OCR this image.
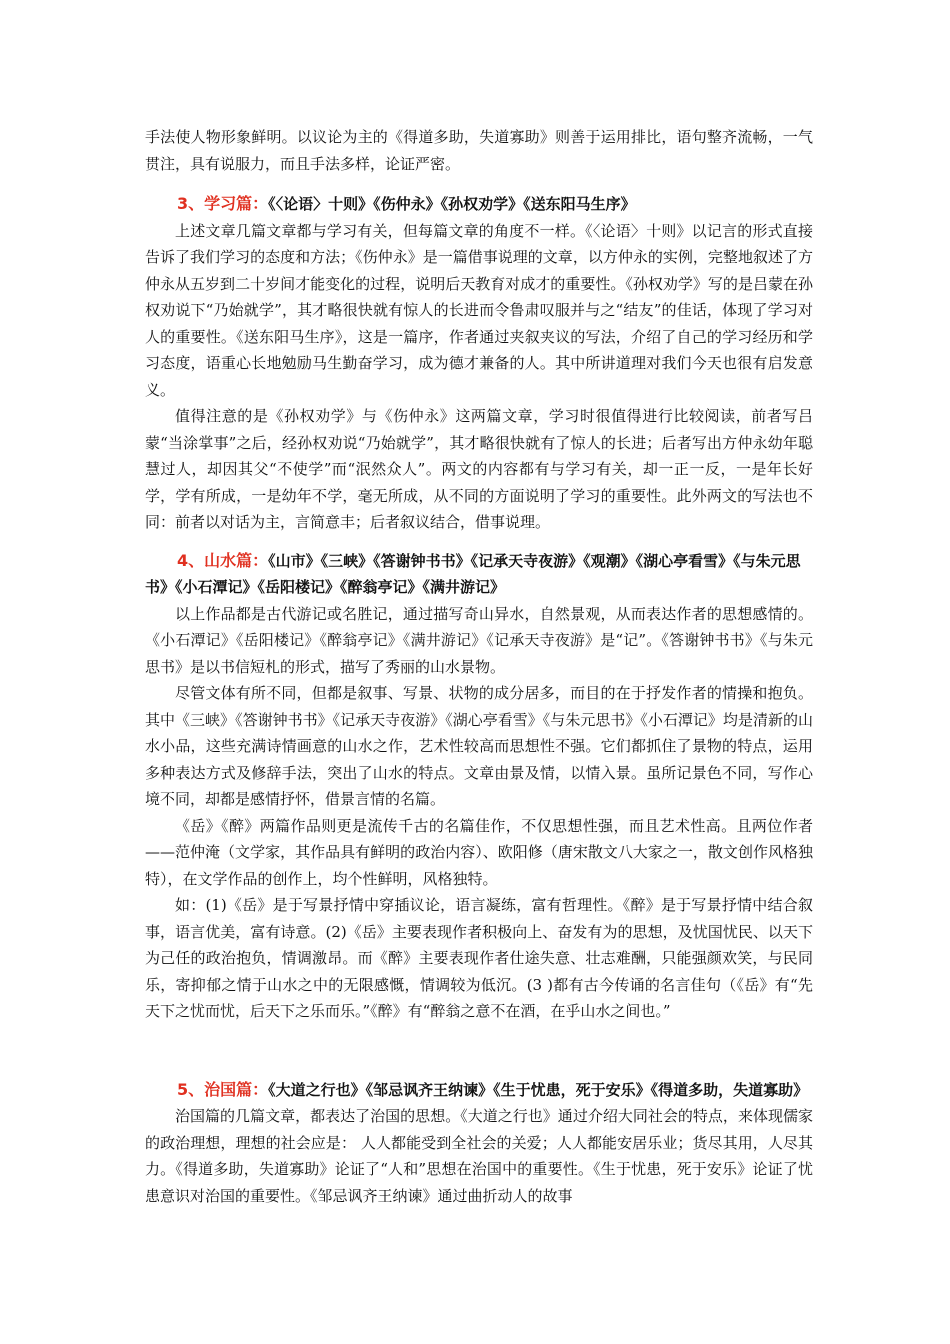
手法使人物形象鲜明。以议论为主的《得道多助，失道寡助》则善于运用排比，语句整齐流畅，一气贯注，具有说服力，而且手法多样，论证严密。

3、学习篇：《〈论语〉十则》《伤仲永》《孙权劝学》《送东阳马生序》

上述文章几篇文章都与学习有关，但每篇文章的角度不一样。《〈论语〉十则》以记言的形式直接告诉了我们学习的态度和方法；《伤仲永》是一篇借事说理的文章，以方仲永的实例，完整地叙述了方仲永从五岁到二十岁间才能变化的过程，说明后天教育对成才的重要性。《孙权劝学》写的是吕蒙在孙权劝说下“乃始就学”，其才略很快就有惊人的长进而令鲁肃叹服并与之“结友”的佳话，体现了学习对人的重要性。《送东阳马生序》，这是一篇序，作者通过夹叙夹议的写法，介绍了自己的学习经历和学习态度，语重心长地勉励马生勤奋学习，成为德才兼备的人。其中所讲道理对我们今天也很有启发意义。

值得注意的是《孙权劝学》与《伤仲永》这两篇文章，学习时很值得进行比较阅读，前者写吕蒙“当涂掌事”之后，经孙权劝说“乃始就学”，其才略很快就有了惊人的长进；后者写出方仲永幼年聪慧过人，却因其父“不使学”而“泯然众人”。两文的内容都有与学习有关，却一正一反，一是年长好学，学有所成，一是幼年不学，毫无所成，从不同的方面说明了学习的重要性。此外两文的写法也不同：前者以对话为主，言简意丰；后者叙议结合，借事说理。

4、山水篇：《山市》《三峡》《答谢钟书书》《记承天寺夜游》《观潮》《湖心亭看雪》《与朱元思书》《小石潭记》《岳阳楼记》《醉翁亭记》《满井游记》

以上作品都是古代游记或名胜记，通过描写奇山异水，自然景观，从而表达作者的思想感情的。《小石潭记》《岳阳楼记》《醉翁亭记》《满井游记》《记承天寺夜游》是“记”。《答谢钟书书》《与朱元思书》是以书信短札的形式，描写了秀丽的山水景物。

尽管文体有所不同，但都是叙事、写景、状物的成分居多，而目的在于抒发作者的情操和抱负。其中《三峡》《答谢钟书书》《记承天寺夜游》《湖心亭看雪》《与朱元思书》《小石潭记》均是清新的山水小品，这些充满诗情画意的山水之作，艺术性较高而思想性不强。它们都抓住了景物的特点，运用多种表达方式及修辞手法，突出了山水的特点。文章由景及情，以情入景。虽所记景色不同，写作心境不同，却都是感情抒怀，借景言情的名篇。

《岳》《醉》两篇作品则更是流传千古的名篇佳作，不仅思想性强，而且艺术性高。且两位作者——范仲淹（文学家，其作品具有鲜明的政治内容）、欧阳修（唐宋散文八大家之一，散文创作风格独特），在文学作品的创作上，均个性鲜明，风格独特。

如：(1)《岳》是于写景抒情中穿插议论，语言凝练，富有哲理性。《醉》是于写景抒情中结合叙事，语言优美，富有诗意。(2)《岳》主要表现作者积极向上、奋发有为的思想，及忧国忧民、以天下为己任的政治抱负，情调激昂。而《醉》主要表现作者仕途失意、壮志难酬，只能强颜欢笑，与民同乐，寄抑郁之情于山水之中的无限感慨，情调较为低沉。(3 )都有古今传诵的名言佳句（《岳》有“先天下之忧而忧，后天下之乐而乐。”《醉》有“醉翁之意不在酒，在乎山水之间也。”

5、治国篇：《大道之行也》《邹忌讽齐王纳谏》《生于忧患，死于安乐》《得道多助，失道寡助》

治国篇的几篇文章，都表达了治国的思想。《大道之行也》通过介绍大同社会的特点，来体现儒家的政治理想，理想的社会应是： 人人都能受到全社会的关爱；人人都能安居乐业；货尽其用，人尽其力。《得道多助，失道寡助》论证了“人和”思想在治国中的重要性。《生于忧患，死于安乐》论证了忧患意识对治国的重要性。《邹忌讽齐王纳谏》通过曲折动人的故事
